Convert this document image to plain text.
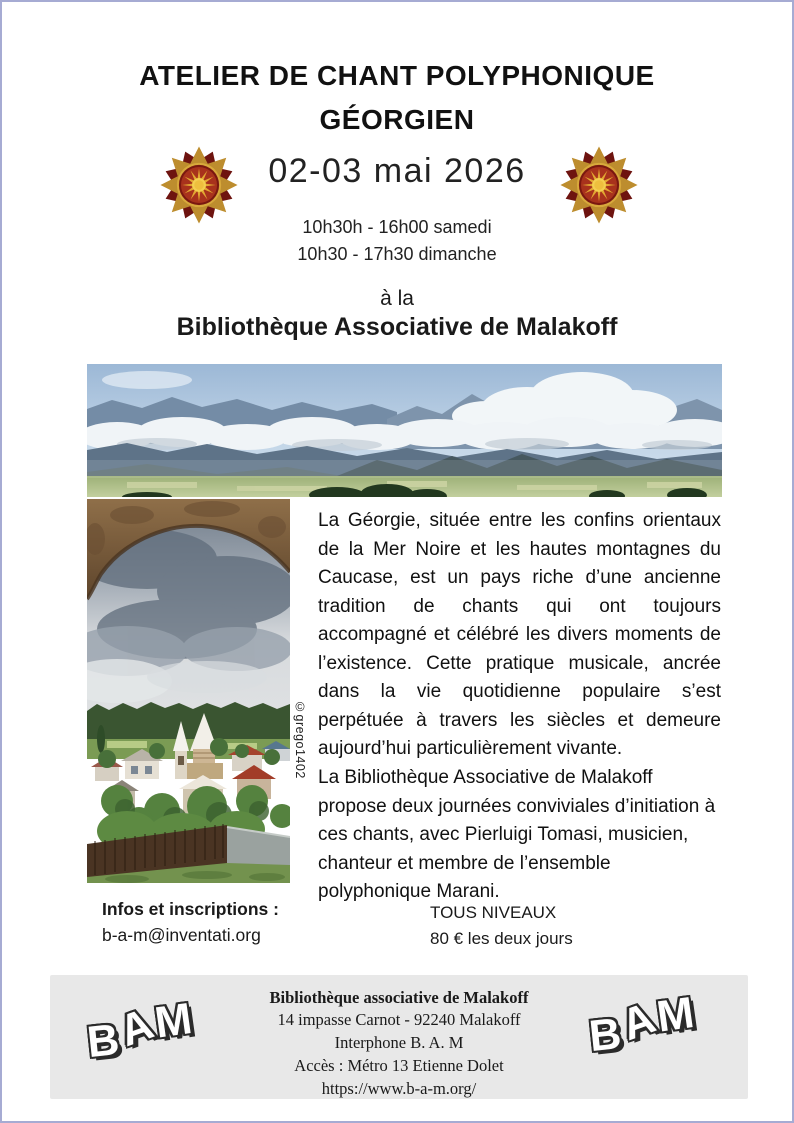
ATELIER DE CHANT POLYPHONIQUE
GÉORGIEN
02-03 mai 2026
10h30h - 16h00 samedi
10h30 - 17h30 dimanche
à la
Bibliothèque Associative de Malakoff
©grego1402
La Géorgie, située entre les confins orientaux de la Mer Noire et les hautes montagnes du Caucase, est un pays riche d’une ancienne tradition de chants qui ont toujours accompagné et célébré les divers moments de l’existence. Cette pratique musicale, ancrée dans la vie quotidienne populaire s’est perpétuée à travers les siècles et demeure aujourd’hui particulièrement vivante.
La Bibliothèque Associative de Malakoff propose deux journées conviviales d’initiation à ces chants, avec Pierluigi Tomasi, musicien, chanteur et membre de l’ensemble polyphonique Marani.
Infos et inscriptions :
b-a-m@inventati.org
TOUS NIVEAUX
80 € les deux jours
Bibliothèque associative de Malakoff
14 impasse Carnot - 92240 Malakoff
Interphone B. A. M
Accès : Métro 13 Etienne Dolet
https://www.b-a-m.org/
BAM	BAM
